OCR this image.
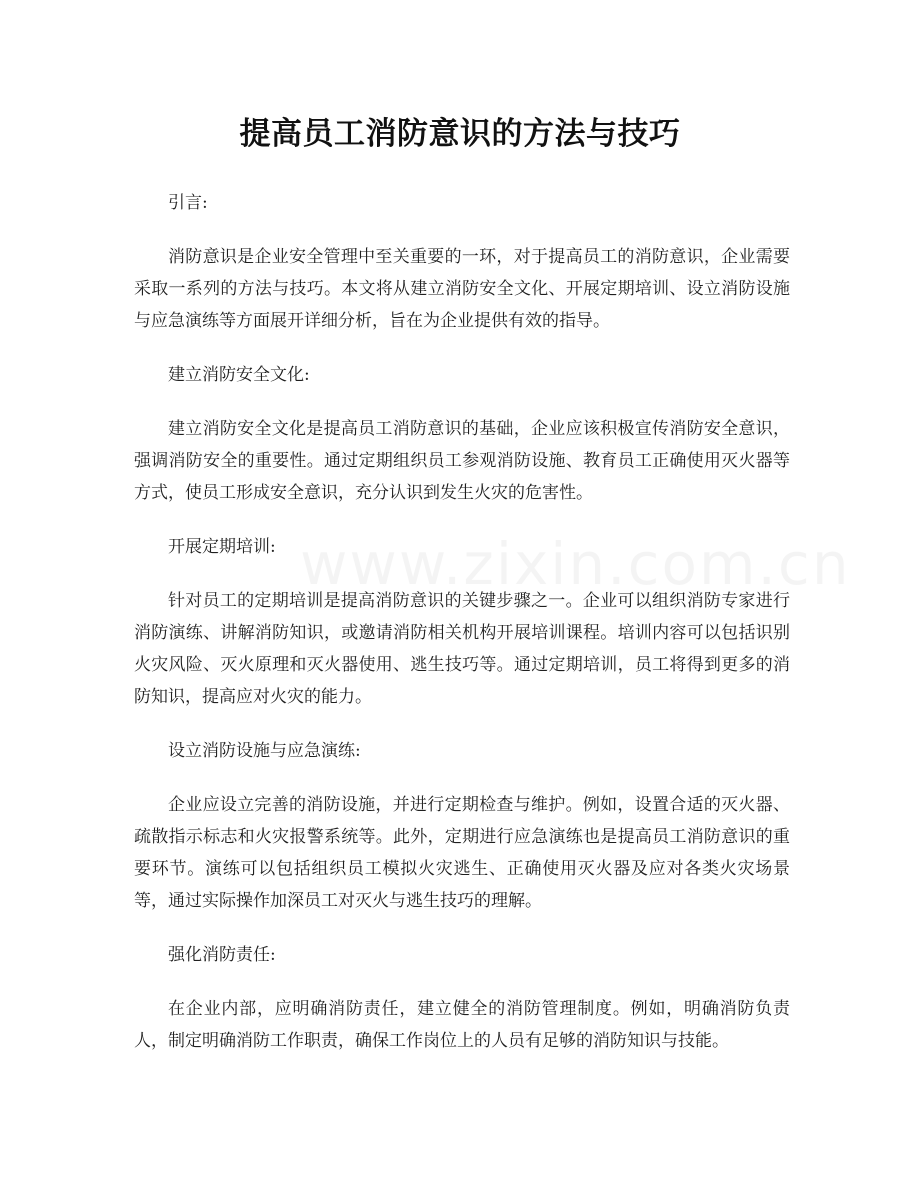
提高员工消防意识的方法与技巧

引言:

消防意识是企业安全管理中至关重要的一环，对于提高员工的消防意识，企业需要采取一系列的方法与技巧。本文将从建立消防安全文化、开展定期培训、设立消防设施与应急演练等方面展开详细分析，旨在为企业提供有效的指导。

建立消防安全文化:

建立消防安全文化是提高员工消防意识的基础，企业应该积极宣传消防安全意识，强调消防安全的重要性。通过定期组织员工参观消防设施、教育员工正确使用灭火器等方式，使员工形成安全意识，充分认识到发生火灾的危害性。

开展定期培训:

针对员工的定期培训是提高消防意识的关键步骤之一。企业可以组织消防专家进行消防演练、讲解消防知识，或邀请消防相关机构开展培训课程。培训内容可以包括识别火灾风险、灭火原理和灭火器使用、逃生技巧等。通过定期培训，员工将得到更多的消防知识，提高应对火灾的能力。

设立消防设施与应急演练:

企业应设立完善的消防设施，并进行定期检查与维护。例如，设置合适的灭火器、疏散指示标志和火灾报警系统等。此外，定期进行应急演练也是提高员工消防意识的重要环节。演练可以包括组织员工模拟火灾逃生、正确使用灭火器及应对各类火灾场景等，通过实际操作加深员工对灭火与逃生技巧的理解。

强化消防责任:

在企业内部，应明确消防责任，建立健全的消防管理制度。例如，明确消防负责人，制定明确消防工作职责，确保工作岗位上的人员有足够的消防知识与技能。
